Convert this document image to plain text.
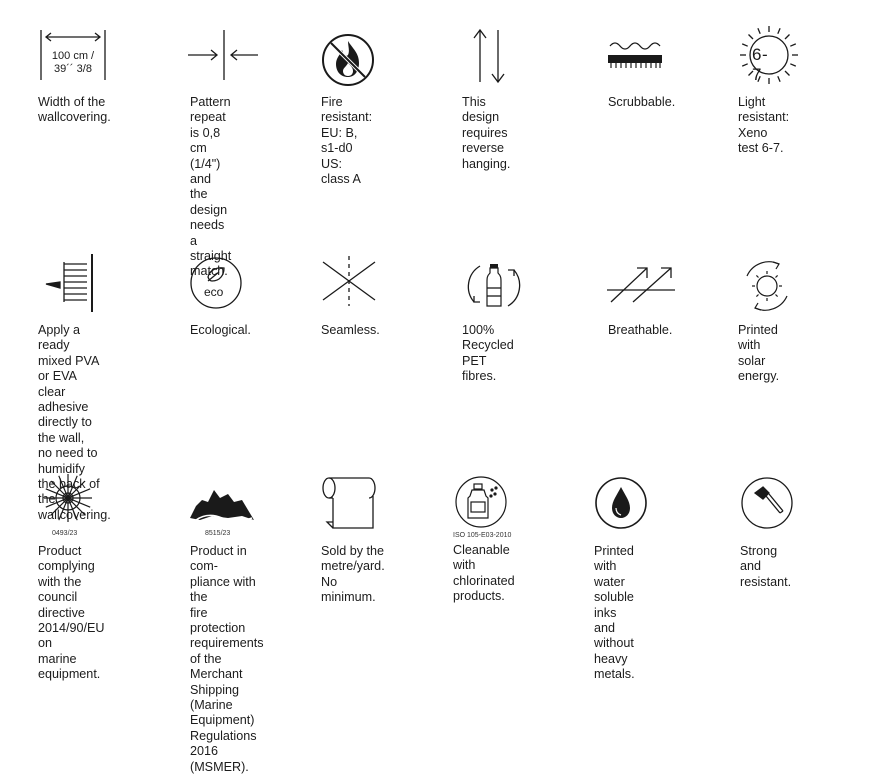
100 cm /
39´´ 3/8
Width of the
wallcovering.
Pattern repeat
is 0,8 cm (1/4")
and the design
needs a straight
match.
Fire resistant:
EU: B, s1-d0
US: class A
This design
requires reverse
hanging.
Scrubbable.
6-7
Light resistant:
Xeno test 6-7.
Apply a ready
mixed PVA or EVA
clear adhesive
directly to the wall,
no need to humidify
the back of the
wallcovering.
eco
Ecological.	Seamless.	100% Recycled
PET fibres.
Breathable.	Printed with
solar energy.
0493/23
Product complying
with the council
directive
2014/90/EU on
marine equipment.
8515/23
Product in com-
pliance with the
fire protection
requirements
of the Merchant
Shipping (Marine
Equipment)
Regulations 2016
(MSMER).
Sold by the
metre/yard.
No minimum.
ISO 105-E03-2010
Cleanable with
chlorinated
products.
Printed with
water soluble
inks and
without heavy
metals.
Strong and
resistant.
